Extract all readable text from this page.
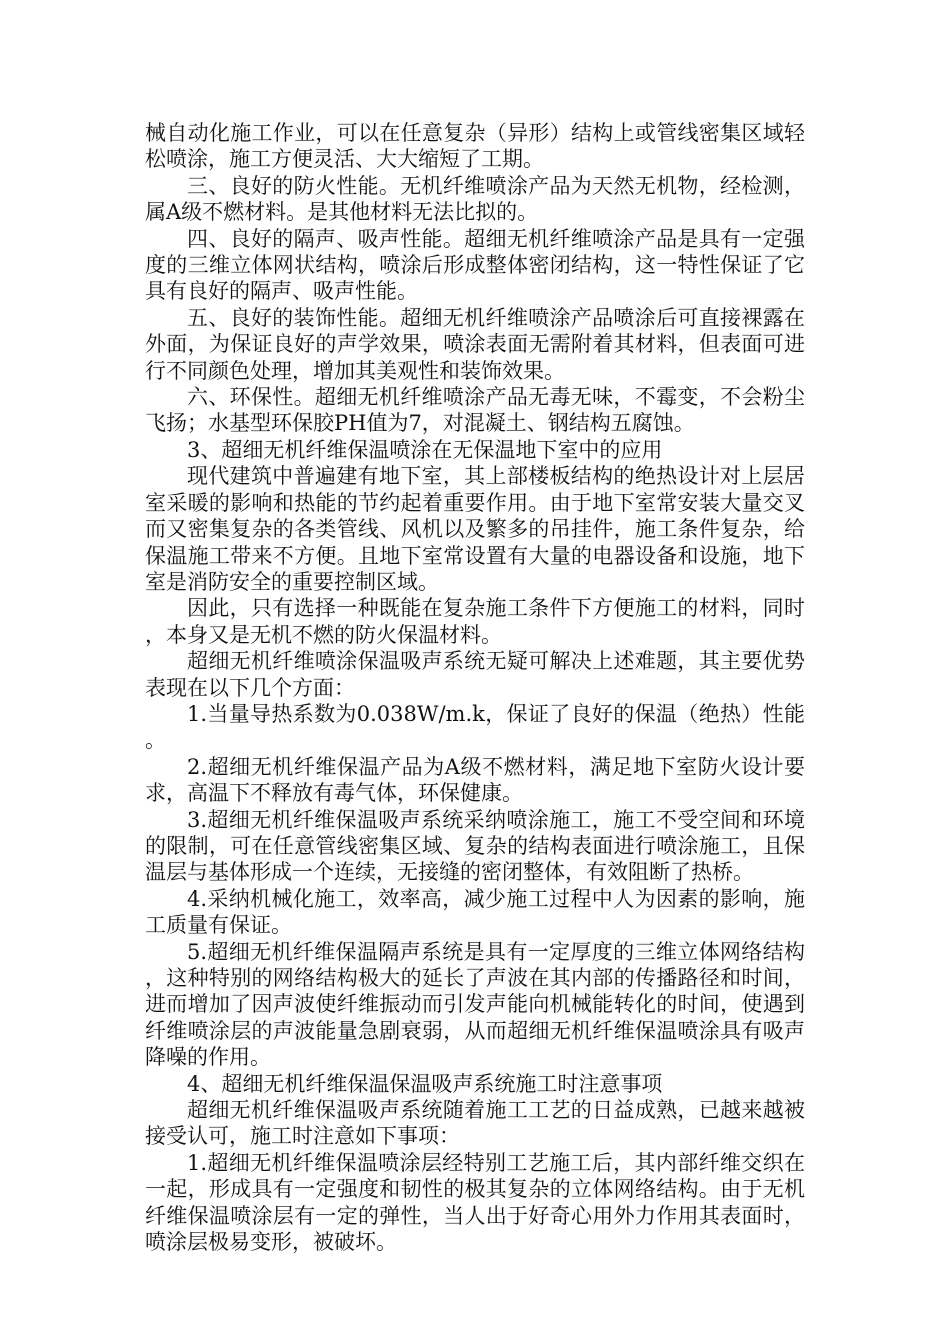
械自动化施工作业，可以在任意复杂（异形）结构上或管线密集区域轻松喷涂，施工方便灵活、大大缩短了工期。

三、良好的防火性能。无机纤维喷涂产品为天然无机物，经检测，属A级不燃材料。是其他材料无法比拟的。

四、良好的隔声、吸声性能。超细无机纤维喷涂产品是具有一定强度的三维立体网状结构，喷涂后形成整体密闭结构，这一特性保证了它具有良好的隔声、吸声性能。

五、良好的装饰性能。超细无机纤维喷涂产品喷涂后可直接裸露在外面，为保证良好的声学效果，喷涂表面无需附着其材料，但表面可进行不同颜色处理，增加其美观性和装饰效果。

六、环保性。超细无机纤维喷涂产品无毒无味，不霉变，不会粉尘飞扬；水基型环保胶PH值为7，对混凝土、钢结构五腐蚀。

3、超细无机纤维保温喷涂在无保温地下室中的应用

现代建筑中普遍建有地下室，其上部楼板结构的绝热设计对上层居室采暖的影响和热能的节约起着重要作用。由于地下室常安装大量交叉而又密集复杂的各类管线、风机以及繁多的吊挂件，施工条件复杂，给保温施工带来不方便。且地下室常设置有大量的电器设备和设施，地下室是消防安全的重要控制区域。

因此，只有选择一种既能在复杂施工条件下方便施工的材料，同时，本身又是无机不燃的防火保温材料。

超细无机纤维喷涂保温吸声系统无疑可解决上述难题，其主要优势表现在以下几个方面：

1.当量导热系数为0.038W/m.k，保证了良好的保温（绝热）性能。

2.超细无机纤维保温产品为A级不燃材料，满足地下室防火设计要求，高温下不释放有毒气体，环保健康。

3.超细无机纤维保温吸声系统采纳喷涂施工，施工不受空间和环境的限制，可在任意管线密集区域、复杂的结构表面进行喷涂施工，且保温层与基体形成一个连续，无接缝的密闭整体，有效阻断了热桥。

4.采纳机械化施工，效率高，减少施工过程中人为因素的影响，施工质量有保证。

5.超细无机纤维保温隔声系统是具有一定厚度的三维立体网络结构，这种特别的网络结构极大的延长了声波在其内部的传播路径和时间，进而增加了因声波使纤维振动而引发声能向机械能转化的时间，使遇到纤维喷涂层的声波能量急剧衰弱，从而超细无机纤维保温喷涂具有吸声降噪的作用。

4、超细无机纤维保温保温吸声系统施工时注意事项

超细无机纤维保温吸声系统随着施工工艺的日益成熟，已越来越被接受认可，施工时注意如下事项：

1.超细无机纤维保温喷涂层经特别工艺施工后，其内部纤维交织在一起，形成具有一定强度和韧性的极其复杂的立体网络结构。由于无机纤维保温喷涂层有一定的弹性，当人出于好奇心用外力作用其表面时，喷涂层极易变形，被破坏。
